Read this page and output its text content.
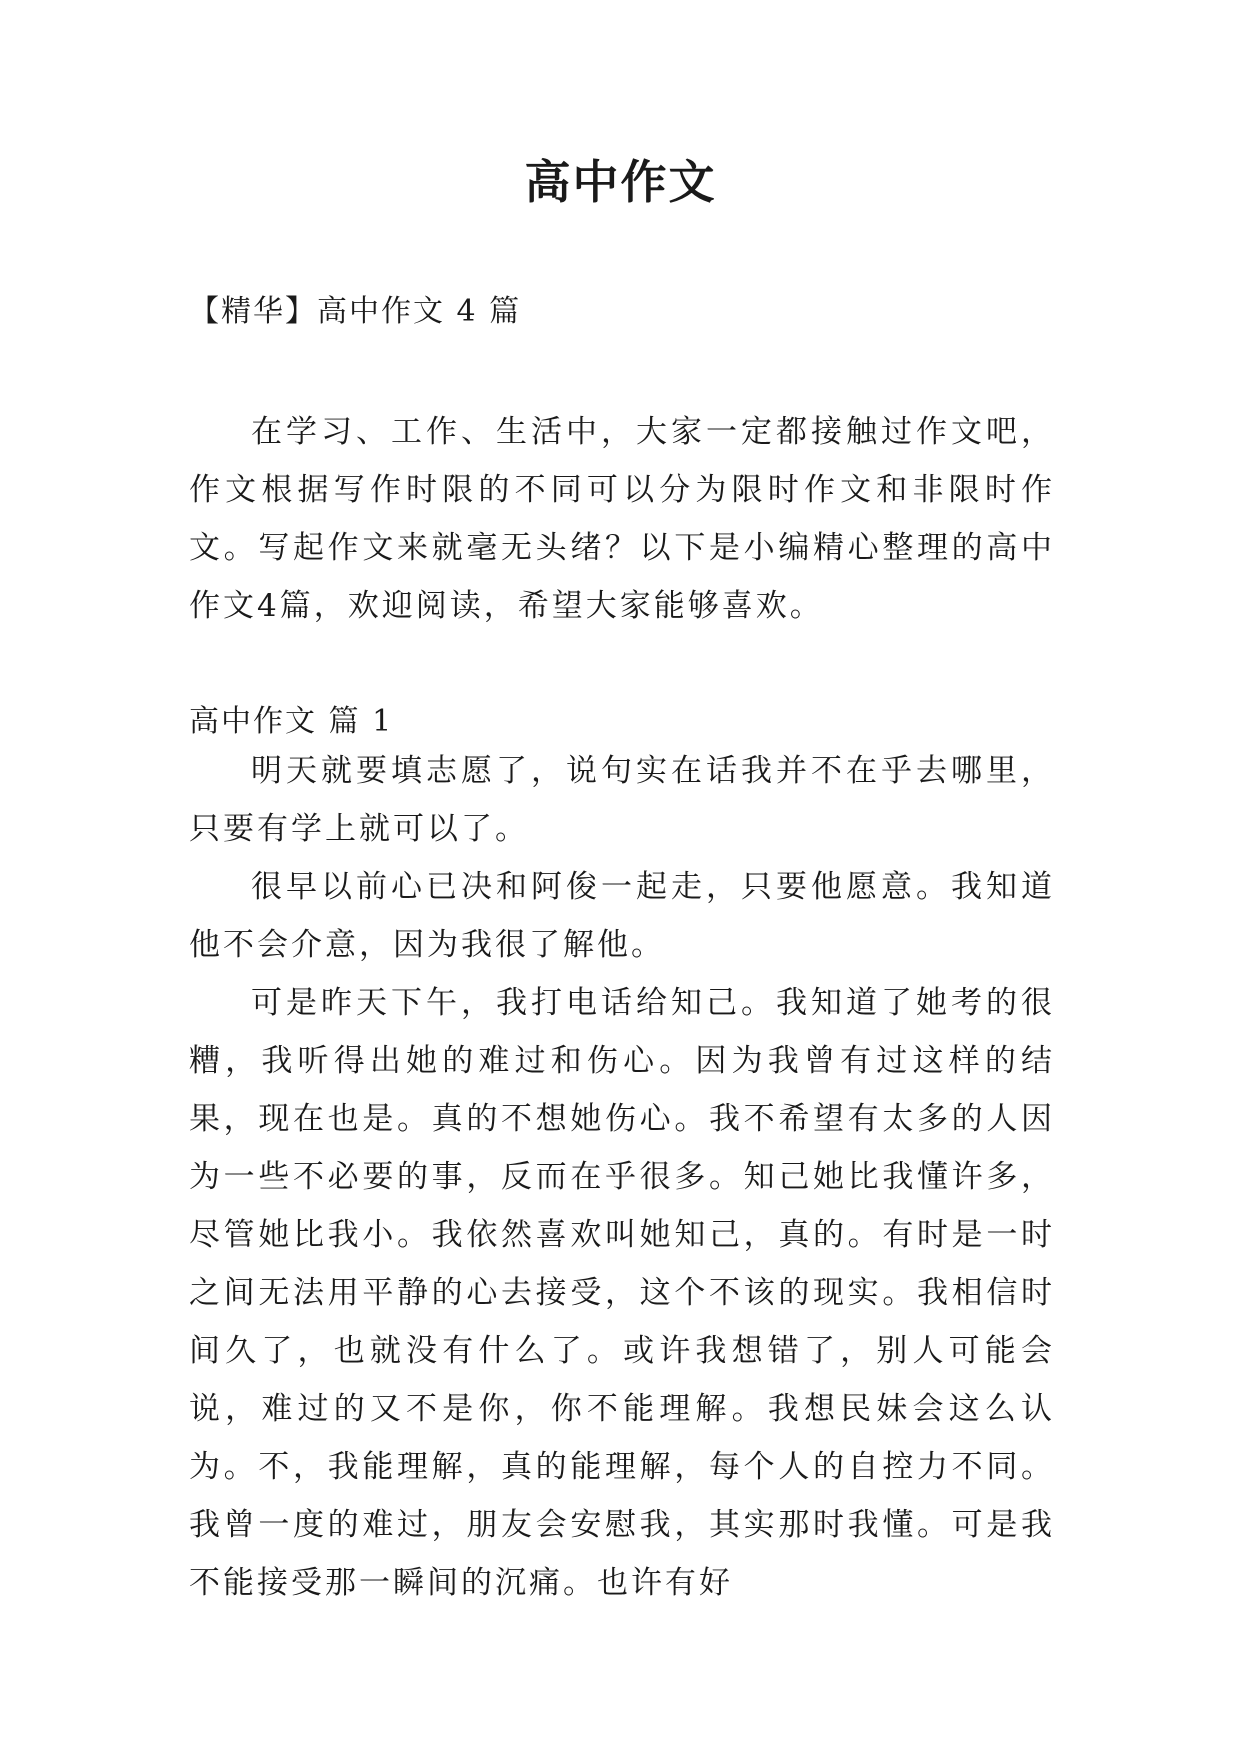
高中作文
【精华】高中作文 4 篇

在学习、工作、生活中，大家一定都接触过作文吧，作文根据写作时限的不同可以分为限时作文和非限时作文。写起作文来就毫无头绪？以下是小编精心整理的高中作文4篇，欢迎阅读，希望大家能够喜欢。

高中作文 篇 1

明天就要填志愿了，说句实在话我并不在乎去哪里，只要有学上就可以了。

很早以前心已决和阿俊一起走，只要他愿意。我知道他不会介意，因为我很了解他。

可是昨天下午，我打电话给知己。我知道了她考的很糟，我听得出她的难过和伤心。因为我曾有过这样的结果，现在也是。真的不想她伤心。我不希望有太多的人因为一些不必要的事，反而在乎很多。知己她比我懂许多，尽管她比我小。我依然喜欢叫她知己，真的。有时是一时之间无法用平静的心去接受，这个不该的现实。我相信时间久了，也就没有什么了。或许我想错了，别人可能会说，难过的又不是你，你不能理解。我想民妹会这么认为。不，我能理解，真的能理解，每个人的自控力不同。我曾一度的难过，朋友会安慰我，其实那时我懂。可是我不能接受那一瞬间的沉痛。也许有好
